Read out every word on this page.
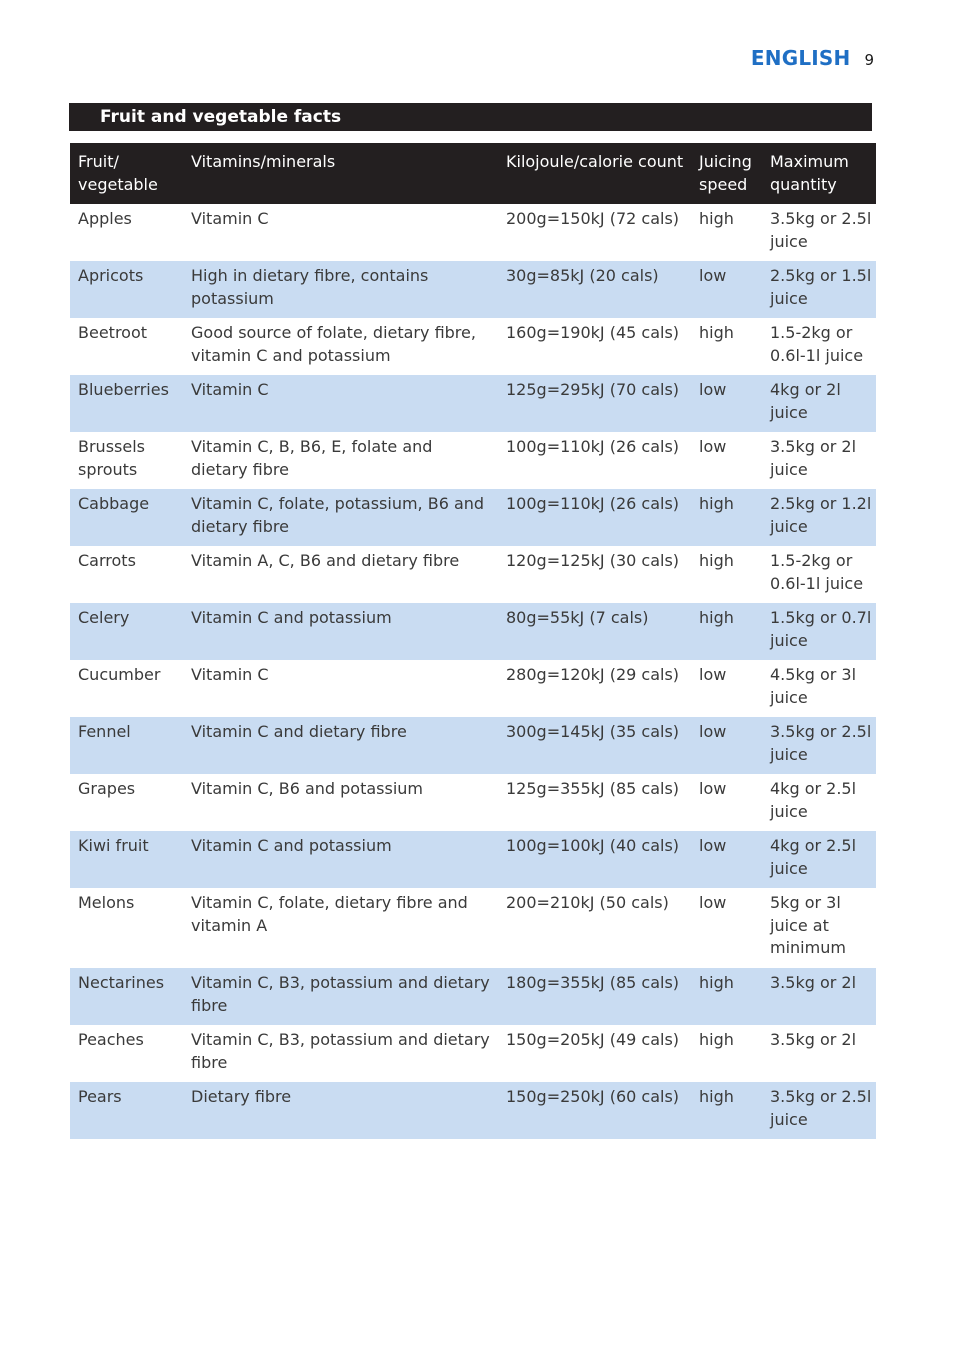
ENGLISH 9
Fruit and vegetable facts
Fruit/ vegetable	Vitamins/minerals	Kilojoule/calorie count	Juicing speed	Maximum quantity
Apples	Vitamin C	200g=150kJ (72 cals)	high	3.5kg or 2.5l juice
Apricots	High in dietary fibre, contains potassium	30g=85kJ (20 cals)	low	2.5kg or 1.5l juice
Beetroot	Good source of folate, dietary fibre, vitamin C and potassium	160g=190kJ (45 cals)	high	1.5-2kg or 0.6l-1l juice
Blueberries	Vitamin C	125g=295kJ (70 cals)	low	4kg or 2l juice
Brussels sprouts	Vitamin C, B, B6, E, folate and dietary fibre	100g=110kJ (26 cals)	low	3.5kg or 2l juice
Cabbage	Vitamin C, folate, potassium, B6 and dietary fibre	100g=110kJ (26 cals)	high	2.5kg or 1.2l juice
Carrots	Vitamin A, C, B6 and dietary fibre	120g=125kJ (30 cals)	high	1.5-2kg or 0.6l-1l juice
Celery	Vitamin C and potassium	80g=55kJ (7 cals)	high	1.5kg or 0.7l juice
Cucumber	Vitamin C	280g=120kJ (29 cals)	low	4.5kg or 3l juice
Fennel	Vitamin C and dietary fibre	300g=145kJ (35 cals)	low	3.5kg or 2.5l juice
Grapes	Vitamin C, B6 and potassium	125g=355kJ (85 cals)	low	4kg or 2.5l juice
Kiwi fruit	Vitamin C and potassium	100g=100kJ (40 cals)	low	4kg or 2.5l juice
Melons	Vitamin C, folate, dietary fibre and vitamin A	200=210kJ (50 cals)	low	5kg or 3l juice at minimum
Nectarines	Vitamin C, B3, potassium and dietary fibre	180g=355kJ (85 cals)	high	3.5kg or 2l
Peaches	Vitamin C, B3, potassium and dietary fibre	150g=205kJ (49 cals)	high	3.5kg or 2l
Pears	Dietary fibre	150g=250kJ (60 cals)	high	3.5kg or 2.5l juice
